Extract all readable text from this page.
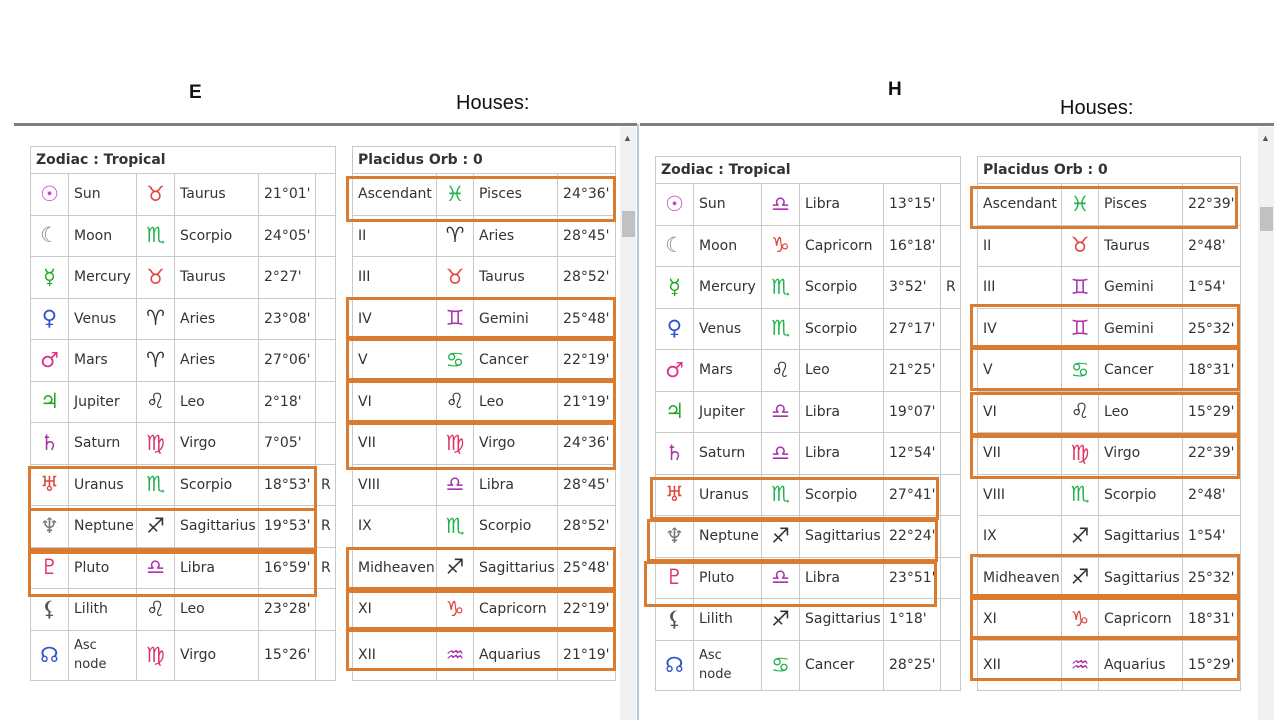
E	Houses:
H
Houses:
▲	▲
Zodiac : Tropical							Placidus Orb : 0			
☉	Sun	♉	Taurus	21°01'			Ascendant	♓	Pisces	24°36'
☾	Moon	♏	Scorpio	24°05'			II	♈	Aries	28°45'
☿	Mercury	♉	Taurus	2°27'			III	♉	Taurus	28°52'
♀	Venus	♈	Aries	23°08'			IV	♊	Gemini	25°48'
♂	Mars	♈	Aries	27°06'			V	♋	Cancer	22°19'
♃	Jupiter	♌	Leo	2°18'			VI	♌	Leo	21°19'
♄	Saturn	♍	Virgo	7°05'			VII	♍	Virgo	24°36'
♅	Uranus	♏	Scorpio	18°53'	R		VIII	♎	Libra	28°45'
♆	Neptune	♐	Sagittarius	19°53'	R		IX	♏	Scorpio	28°52'
♇	Pluto	♎	Libra	16°59'	R		Midheaven	♐	Sagittarius	25°48'
⚸	Lilith	♌	Leo	23°28'			XI	♑	Capricorn	22°19'
☊	Asc node	♍	Virgo	15°26'			XII	♒	Aquarius	21°19'
Zodiac : Tropical							Placidus Orb : 0			
☉	Sun	♎	Libra	13°15'			Ascendant	♓	Pisces	22°39'
☾	Moon	♑	Capricorn	16°18'			II	♉	Taurus	2°48'
☿	Mercury	♏	Scorpio	3°52'	R		III	♊	Gemini	1°54'
♀	Venus	♏	Scorpio	27°17'			IV	♊	Gemini	25°32'
♂	Mars	♌	Leo	21°25'			V	♋	Cancer	18°31'
♃	Jupiter	♎	Libra	19°07'			VI	♌	Leo	15°29'
♄	Saturn	♎	Libra	12°54'			VII	♍	Virgo	22°39'
♅	Uranus	♏	Scorpio	27°41'			VIII	♏	Scorpio	2°48'
♆	Neptune	♐	Sagittarius	22°24'			IX	♐	Sagittarius	1°54'
♇	Pluto	♎	Libra	23°51'			Midheaven	♐	Sagittarius	25°32'
⚸	Lilith	♐	Sagittarius	1°18'			XI	♑	Capricorn	18°31'
☊	Asc node	♋	Cancer	28°25'			XII	♒	Aquarius	15°29'
